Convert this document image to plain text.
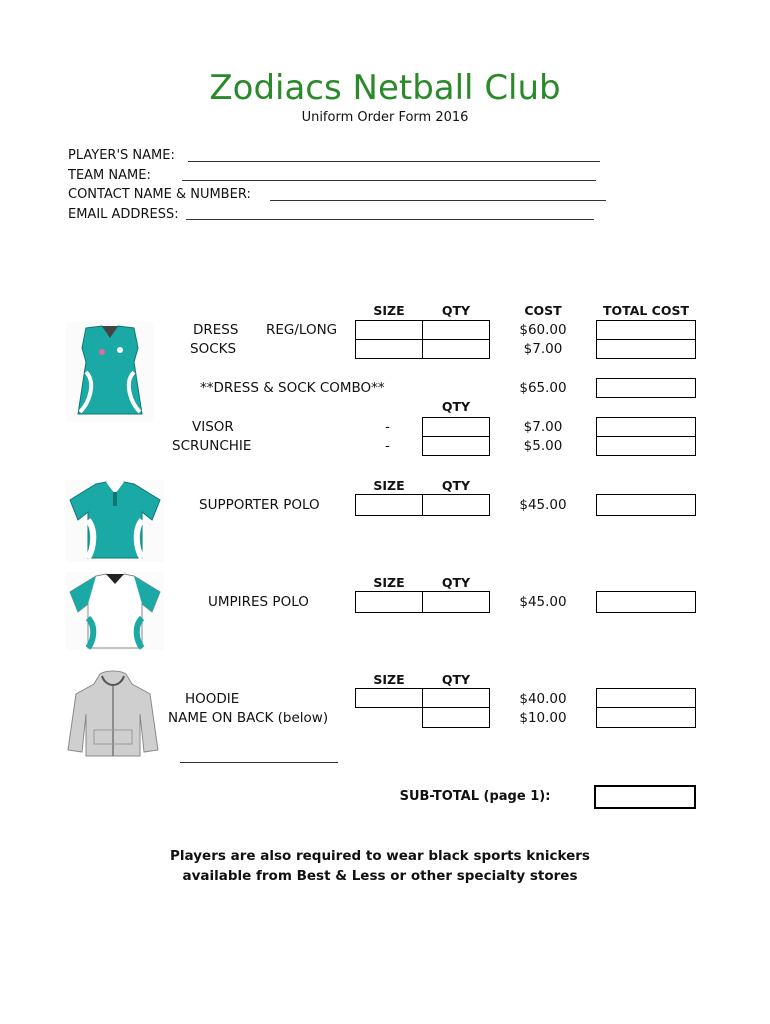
Zodiacs Netball Club
Uniform Order Form 2016
PLAYER'S NAME:
TEAM NAME:
CONTACT NAME & NUMBER:
EMAIL ADDRESS:
SIZE	QTY	COST	TOTAL COST
DRESS REG/LONG	$60.00
SOCKS	$7.00
**DRESS & SOCK COMBO**	$65.00
QTY
VISOR	-	$7.00
SCRUNCHIE	-	$5.00
SIZE	QTY
SUPPORTER POLO	$45.00
SIZE	QTY
UMPIRES POLO	$45.00
SIZE	QTY
HOODIE	$40.00
NAME ON BACK (below)	$10.00
SUB-TOTAL (page 1):
Players are also required to wear black sports knickers
available from Best & Less or other specialty stores
